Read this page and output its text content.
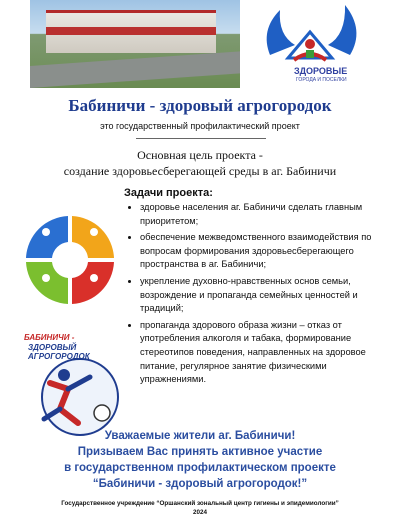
ЗДОРОВЫЕ
ГОРОДА И ПОСЕЛКИ
Бабиничи - здоровый агрогородок
это государственный профилактический проект
Основная цель проекта -
создание здоровьесберегающей среды в аг. Бабиничи
Задачи проекта:
• здоровье населения аг. Бабиничи сделать главным приоритетом;
• обеспечение межведомственного взаимодействия по вопросам формирования здоровьесберегающего пространства в аг. Бабиничи;
• укрепление духовно-нравственных основ семьи, возрождение и пропаганда семейных ценностей и традиций;
• пропаганда здорового образа жизни – отказ от употребления алкоголя и табака, формирование стереотипов поведения, направленных на здоровое питание, регулярное занятие физическими упражнениями.
БАБИНИЧИ -
ЗДОРОВЫЙ АГРОГОРОДОК
Уважаемые жители аг. Бабиничи!
Призываем Вас принять активное участие
в государственном профилактическом проекте
“Бабиничи - здоровый агрогородок!”
Государственное учреждение “Оршанский зональный центр гигиены и эпидемиологии”
2024
